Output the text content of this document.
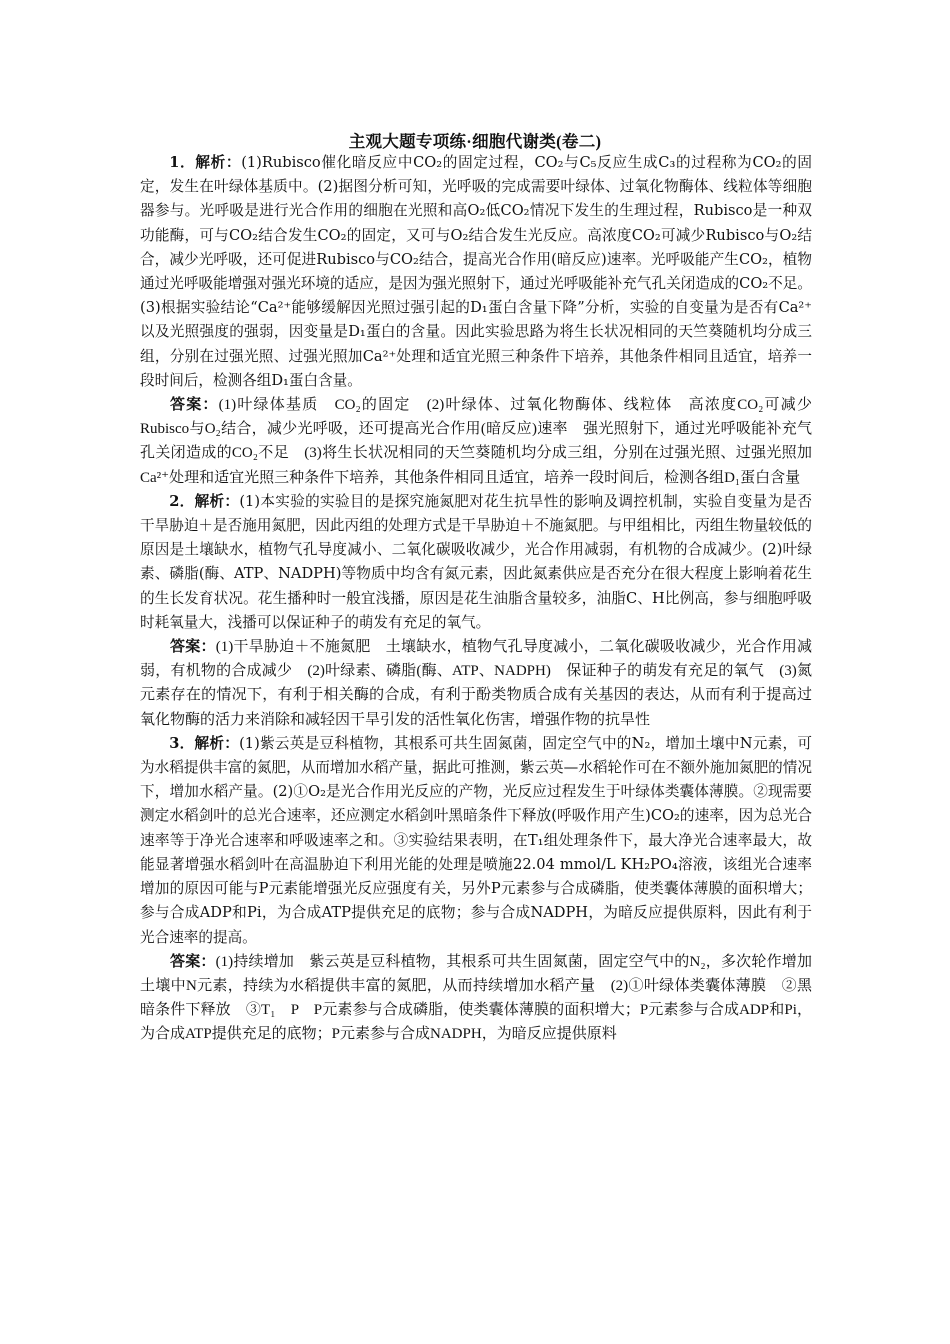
主观大题专项练·细胞代谢类(卷二)

1．解析：(1)Rubisco催化暗反应中CO₂的固定过程，CO₂与C₅反应生成C₃的过程称为CO₂的固定，发生在叶绿体基质中。(2)据图分析可知，光呼吸的完成需要叶绿体、过氧化物酶体、线粒体等细胞器参与。光呼吸是进行光合作用的细胞在光照和高O₂低CO₂情况下发生的生理过程，Rubisco是一种双功能酶，可与CO₂结合发生CO₂的固定，又可与O₂结合发生光反应。高浓度CO₂可减少Rubisco与O₂结合，减少光呼吸，还可促进Rubisco与CO₂结合，提高光合作用(暗反应)速率。光呼吸能产生CO₂，植物通过光呼吸能增强对强光环境的适应，是因为强光照射下，通过光呼吸能补充气孔关闭造成的CO₂不足。(3)根据实验结论“Ca²⁺能够缓解因光照过强引起的D₁蛋白含量下降”分析，实验的自变量为是否有Ca²⁺以及光照强度的强弱，因变量是D₁蛋白的含量。因此实验思路为将生长状况相同的天竺葵随机均分成三组，分别在过强光照、过强光照加Ca²⁺处理和适宜光照三种条件下培养，其他条件相同且适宜，培养一段时间后，检测各组D₁蛋白含量。

答案：(1)叶绿体基质　CO₂的固定　(2)叶绿体、过氧化物酶体、线粒体　高浓度CO₂可减少Rubisco与O₂结合，减少光呼吸，还可提高光合作用(暗反应)速率　强光照射下，通过光呼吸能补充气孔关闭造成的CO₂不足　(3)将生长状况相同的天竺葵随机均分成三组，分别在过强光照、过强光照加Ca²⁺处理和适宜光照三种条件下培养，其他条件相同且适宜，培养一段时间后，检测各组D₁蛋白含量

2．解析：(1)本实验的实验目的是探究施氮肥对花生抗旱性的影响及调控机制，实验自变量为是否干旱胁迫＋是否施用氮肥，因此丙组的处理方式是干旱胁迫＋不施氮肥。与甲组相比，丙组生物量较低的原因是土壤缺水，植物气孔导度减小、二氧化碳吸收减少，光合作用减弱，有机物的合成减少。(2)叶绿素、磷脂(酶、ATP、NADPH)等物质中均含有氮元素，因此氮素供应是否充分在很大程度上影响着花生的生长发育状况。花生播种时一般宜浅播，原因是花生油脂含量较多，油脂C、H比例高，参与细胞呼吸时耗氧量大，浅播可以保证种子的萌发有充足的氧气。

答案：(1)干旱胁迫＋不施氮肥　土壤缺水，植物气孔导度减小，二氧化碳吸收减少，光合作用减弱，有机物的合成减少　(2)叶绿素、磷脂(酶、ATP、NADPH)　保证种子的萌发有充足的氧气　(3)氮元素存在的情况下，有利于相关酶的合成，有利于酚类物质合成有关基因的表达，从而有利于提高过氧化物酶的活力来消除和减轻因干旱引发的活性氧化伤害，增强作物的抗旱性

3．解析：(1)紫云英是豆科植物，其根系可共生固氮菌，固定空气中的N₂，增加土壤中N元素，可为水稻提供丰富的氮肥，从而增加水稻产量，据此可推测，紫云英—水稻轮作可在不额外施加氮肥的情况下，增加水稻产量。(2)①O₂是光合作用光反应的产物，光反应过程发生于叶绿体类囊体薄膜。②现需要测定水稻剑叶的总光合速率，还应测定水稻剑叶黑暗条件下释放(呼吸作用产生)CO₂的速率，因为总光合速率等于净光合速率和呼吸速率之和。③实验结果表明，在T₁组处理条件下，最大净光合速率最大，故能显著增强水稻剑叶在高温胁迫下利用光能的处理是喷施22.04 mmol/L KH₂PO₄溶液，该组光合速率增加的原因可能与P元素能增强光反应强度有关，另外P元素参与合成磷脂，使类囊体薄膜的面积增大；参与合成ADP和Pi，为合成ATP提供充足的底物；参与合成NADPH，为暗反应提供原料，因此有利于光合速率的提高。

答案：(1)持续增加　紫云英是豆科植物，其根系可共生固氮菌，固定空气中的N₂，多次轮作增加土壤中N元素，持续为水稻提供丰富的氮肥，从而持续增加水稻产量　(2)①叶绿体类囊体薄膜　②黑暗条件下释放　③T₁　P　P元素参与合成磷脂，使类囊体薄膜的面积增大；P元素参与合成ADP和Pi，为合成ATP提供充足的底物；P元素参与合成NADPH，为暗反应提供原料
